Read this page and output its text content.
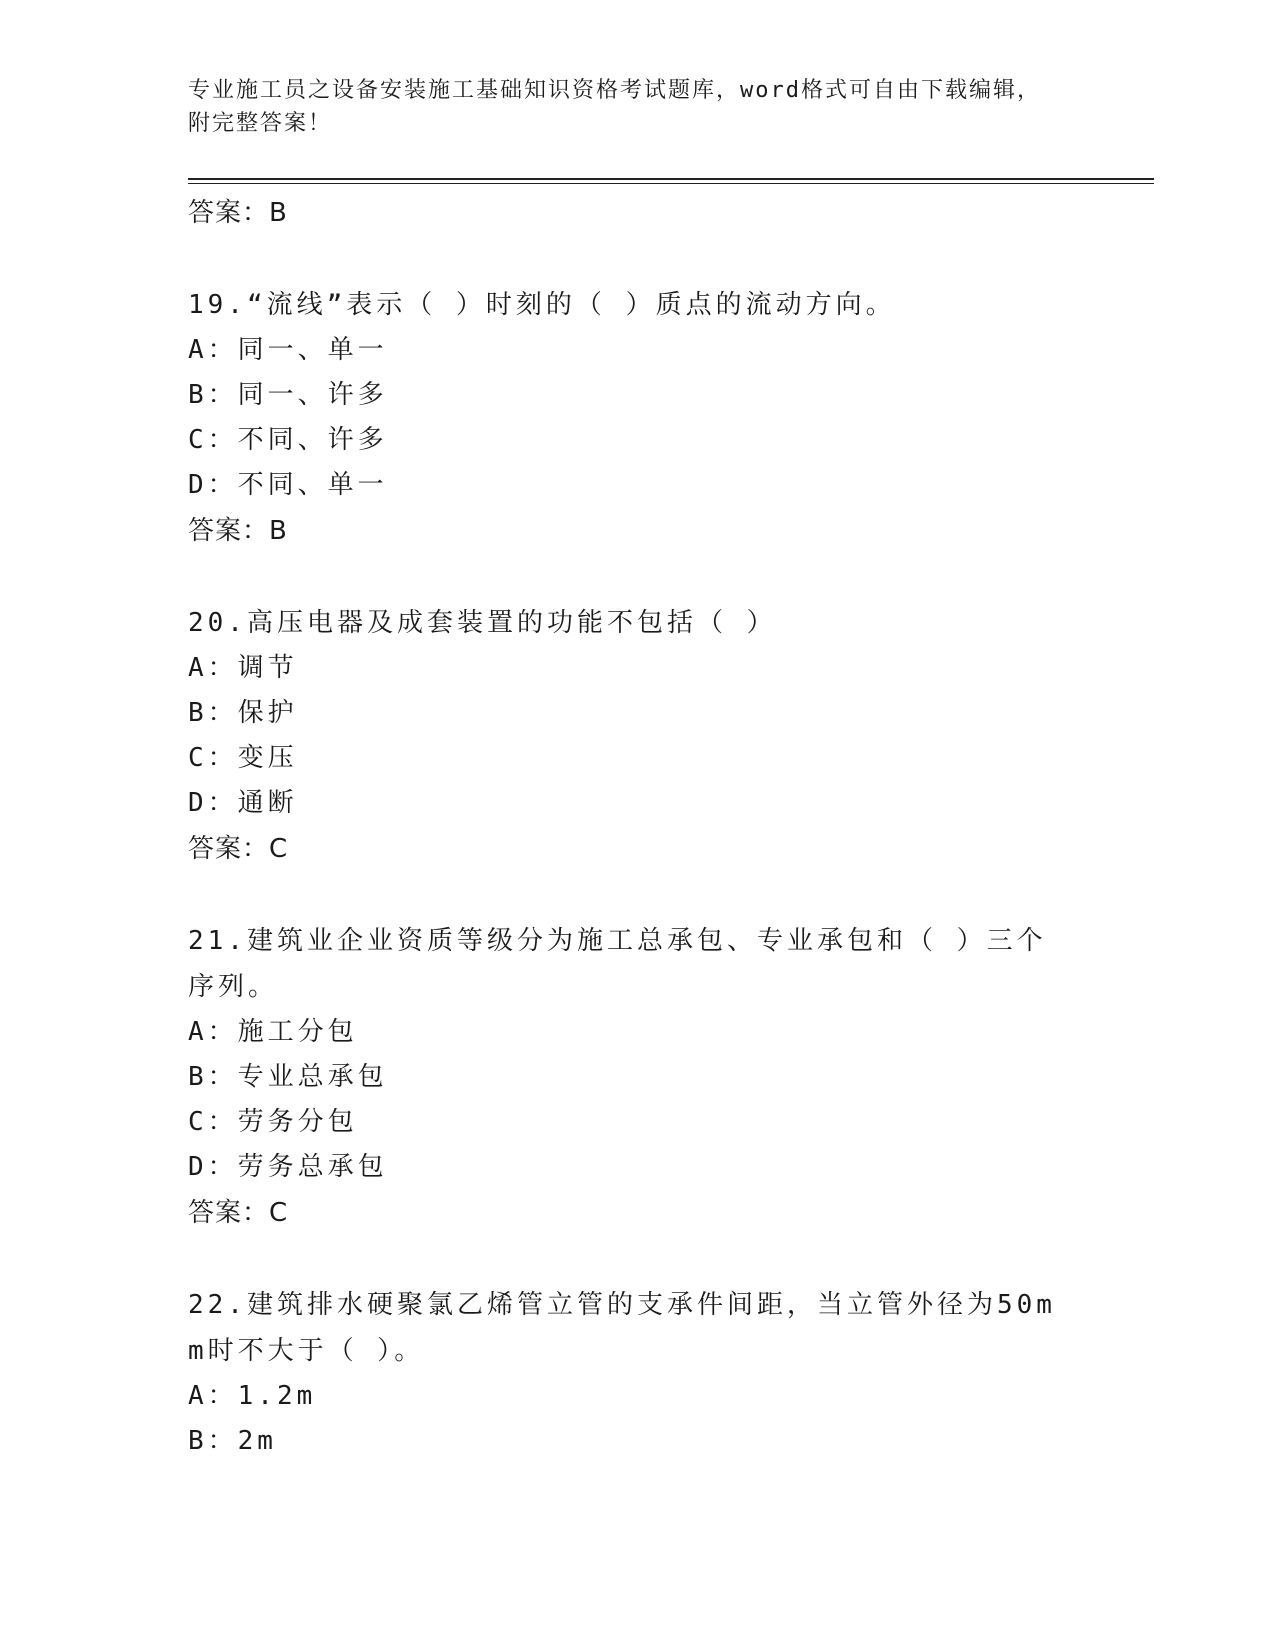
专业施工员之设备安装施工基础知识资格考试题库，word格式可自由下载编辑，
附完整答案！
答案：B
19.“流线”表示（ ）时刻的（ ）质点的流动方向。
A：同一、单一
B：同一、许多
C：不同、许多
D：不同、单一
答案：B
20.高压电器及成套装置的功能不包括（ ）
A：调节
B：保护
C：变压
D：通断
答案：C
21.建筑业企业资质等级分为施工总承包、专业承包和（ ）三个序列。
A：施工分包
B：专业总承包
C：劳务分包
D：劳务总承包
答案：C
22.建筑排水硬聚氯乙烯管立管的支承件间距，当立管外径为50mm时不大于（ ）。
A：1.2m
B：2m
